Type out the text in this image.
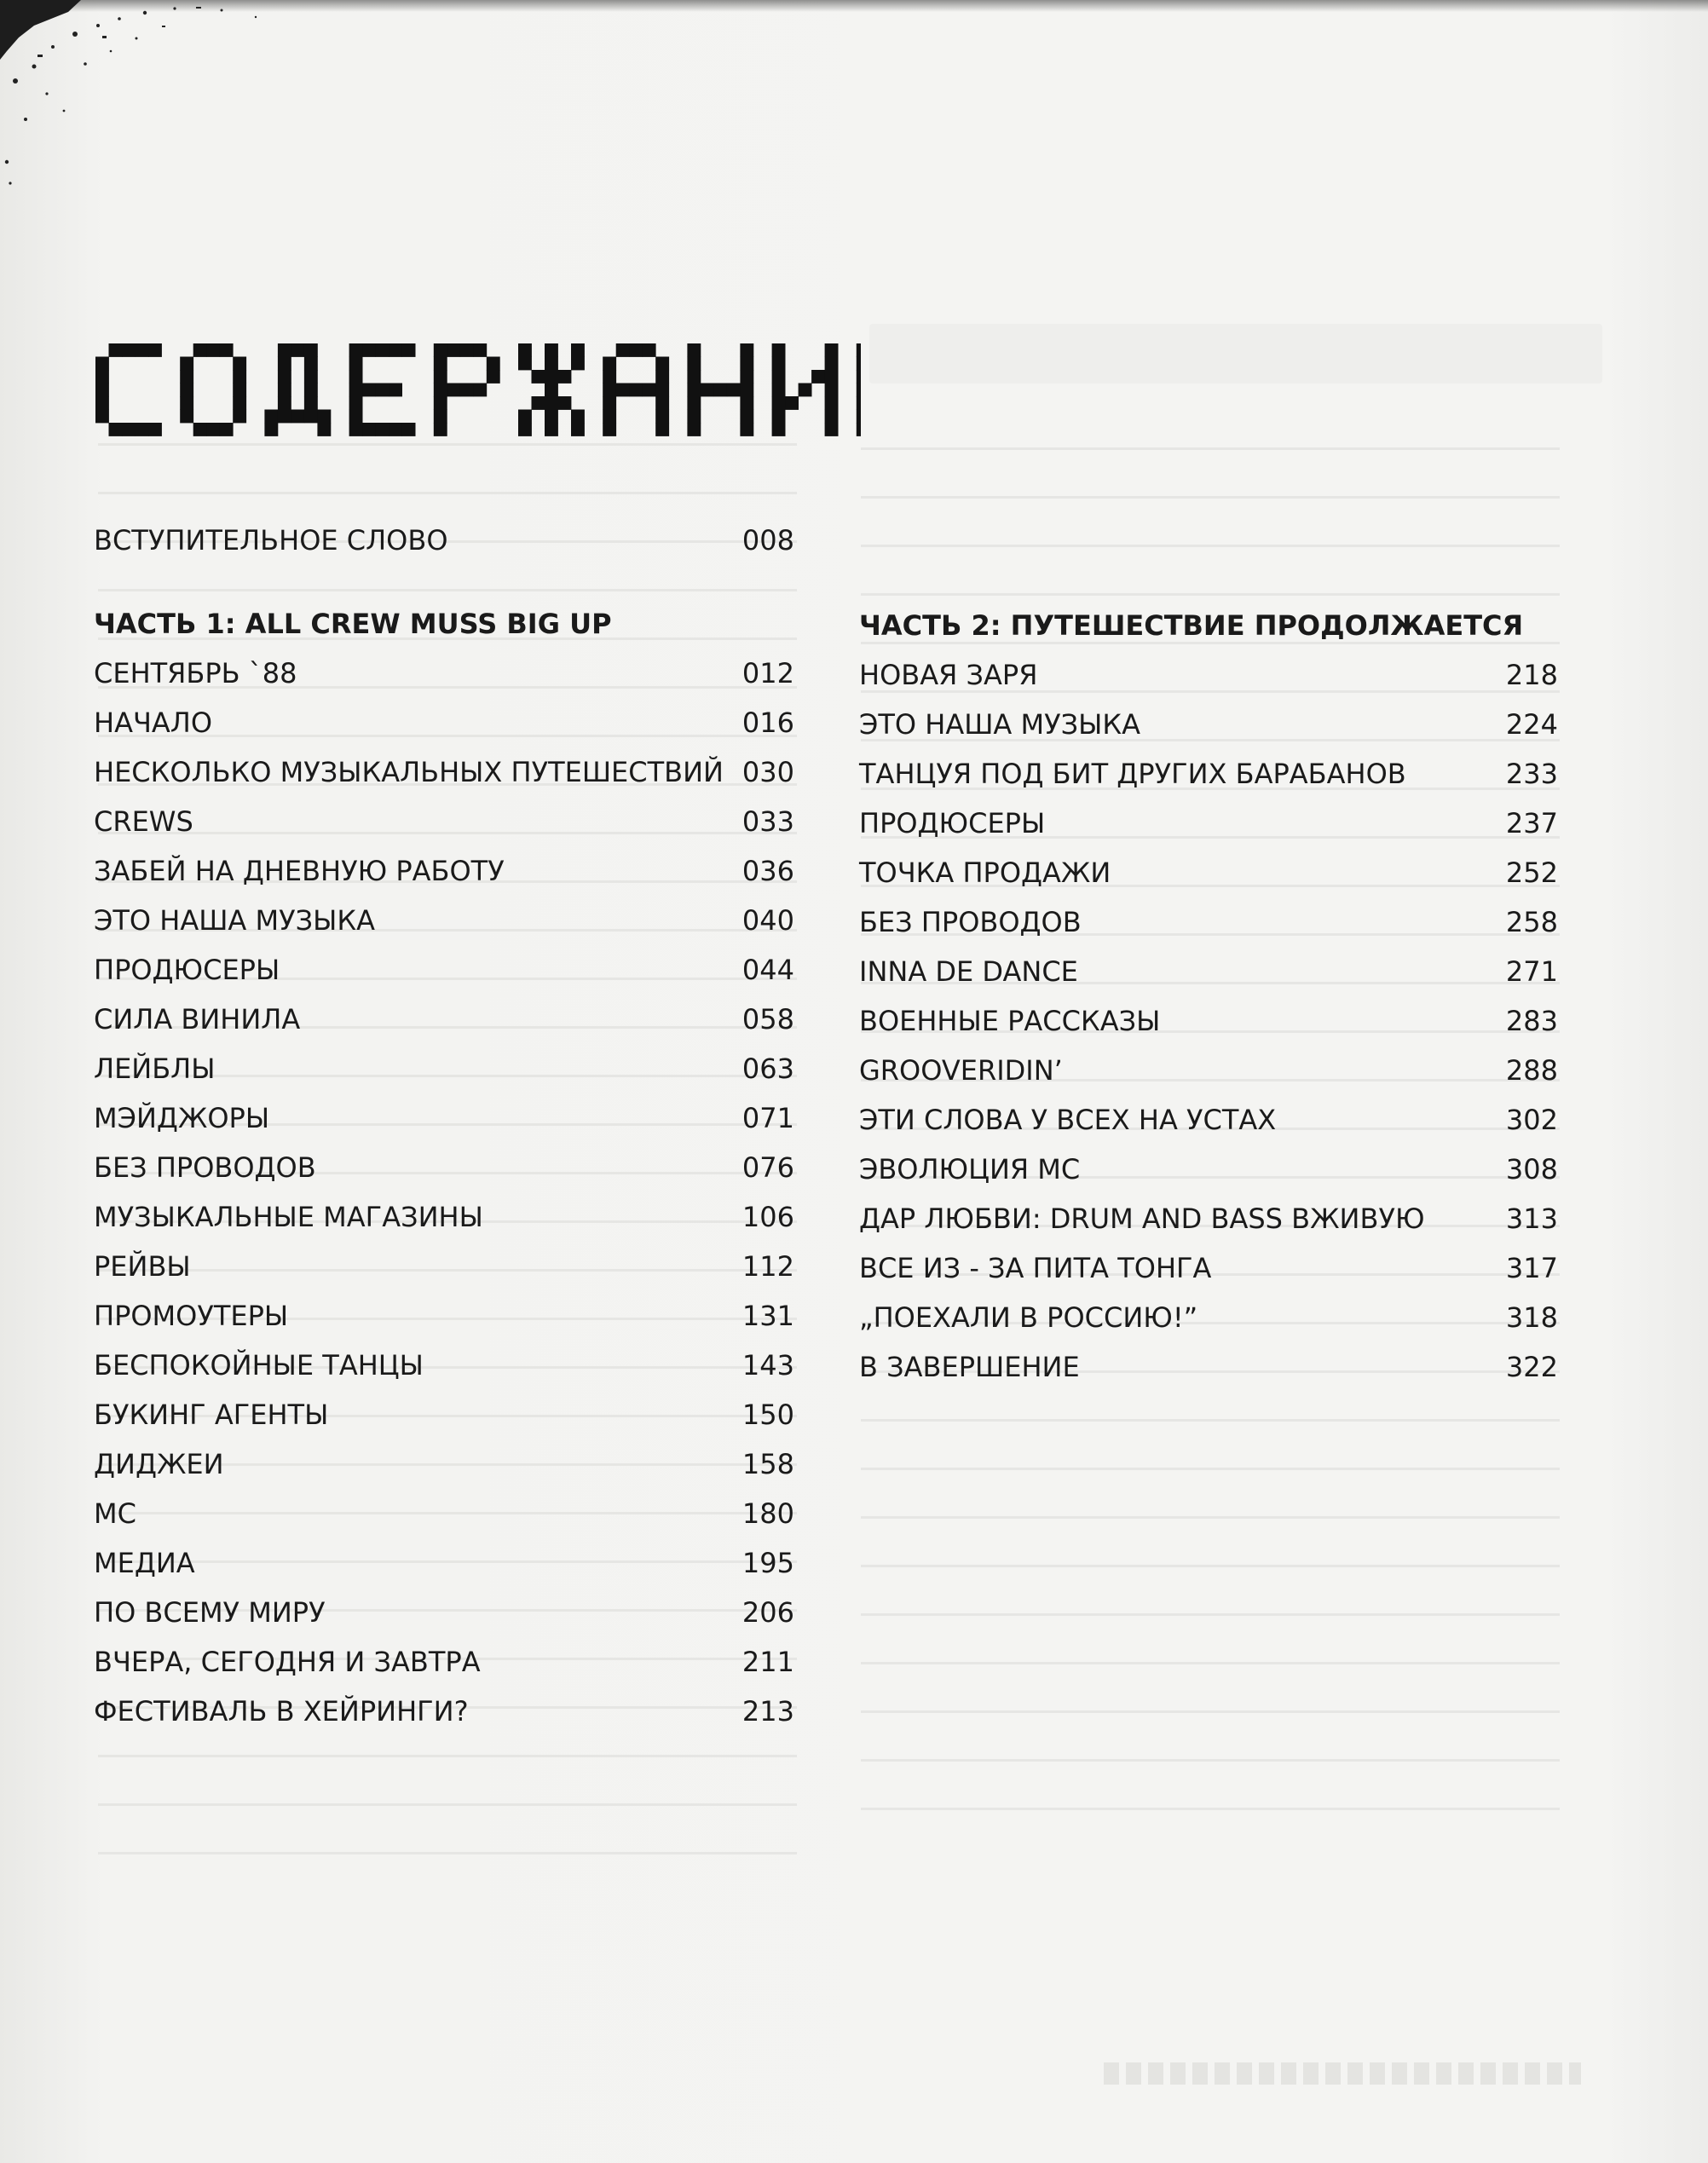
ВСТУПИТЕЛЬНОЕ СЛОВО	008
ЧАСТЬ 1: ALL CREW MUSS BIG UP
СЕНТЯБРЬ `88	012
НАЧАЛО	016
НЕСКОЛЬКО МУЗЫКАЛЬНЫХ ПУТЕШЕСТВИЙ 030
CREWS	033
ЗАБЕЙ НА ДНЕВНУЮ РАБОТУ	036
ЭТО НАША МУЗЫКА	040
ПРОДЮСЕРЫ	044
СИЛА ВИНИЛА	058
ЛЕЙБЛЫ	063
МЭЙДЖОРЫ	071
БЕЗ ПРОВОДОВ	076
МУЗЫКАЛЬНЫЕ МАГАЗИНЫ	106
РЕЙВЫ	112
ПРОМОУТЕРЫ	131
БЕСПОКОЙНЫЕ ТАНЦЫ	143
БУКИНГ АГЕНТЫ	150
ДИДЖЕИ	158
МС	180
МЕДИА	195
ПО ВСЕМУ МИРУ	206
ВЧЕРА, СЕГОДНЯ И ЗАВТРА	211
ФЕСТИВАЛЬ В ХЕЙРИНГИ?	213
ЧАСТЬ 2: ПУТЕШЕСТВИЕ ПРОДОЛЖАЕТСЯ
НОВАЯ ЗАРЯ	218
ЭТО НАША МУЗЫКА	224
ТАНЦУЯ ПОД БИТ ДРУГИХ БАРАБАНОВ	233
ПРОДЮСЕРЫ	237
ТОЧКА ПРОДАЖИ	252
БЕЗ ПРОВОДОВ	258
INNA DE DANCE	271
ВОЕННЫЕ РАССКАЗЫ	283
GROOVERIDIN’	288
ЭТИ СЛОВА У ВСЕХ НА УСТАХ	302
ЭВОЛЮЦИЯ МС	308
ДАР ЛЮБВИ: DRUM AND BASS ВЖИВУЮ	313
ВСЕ ИЗ - ЗА ПИТА ТОНГА	317
„ПОЕХАЛИ В РОССИЮ!”	318
В ЗАВЕРШЕНИЕ	322
